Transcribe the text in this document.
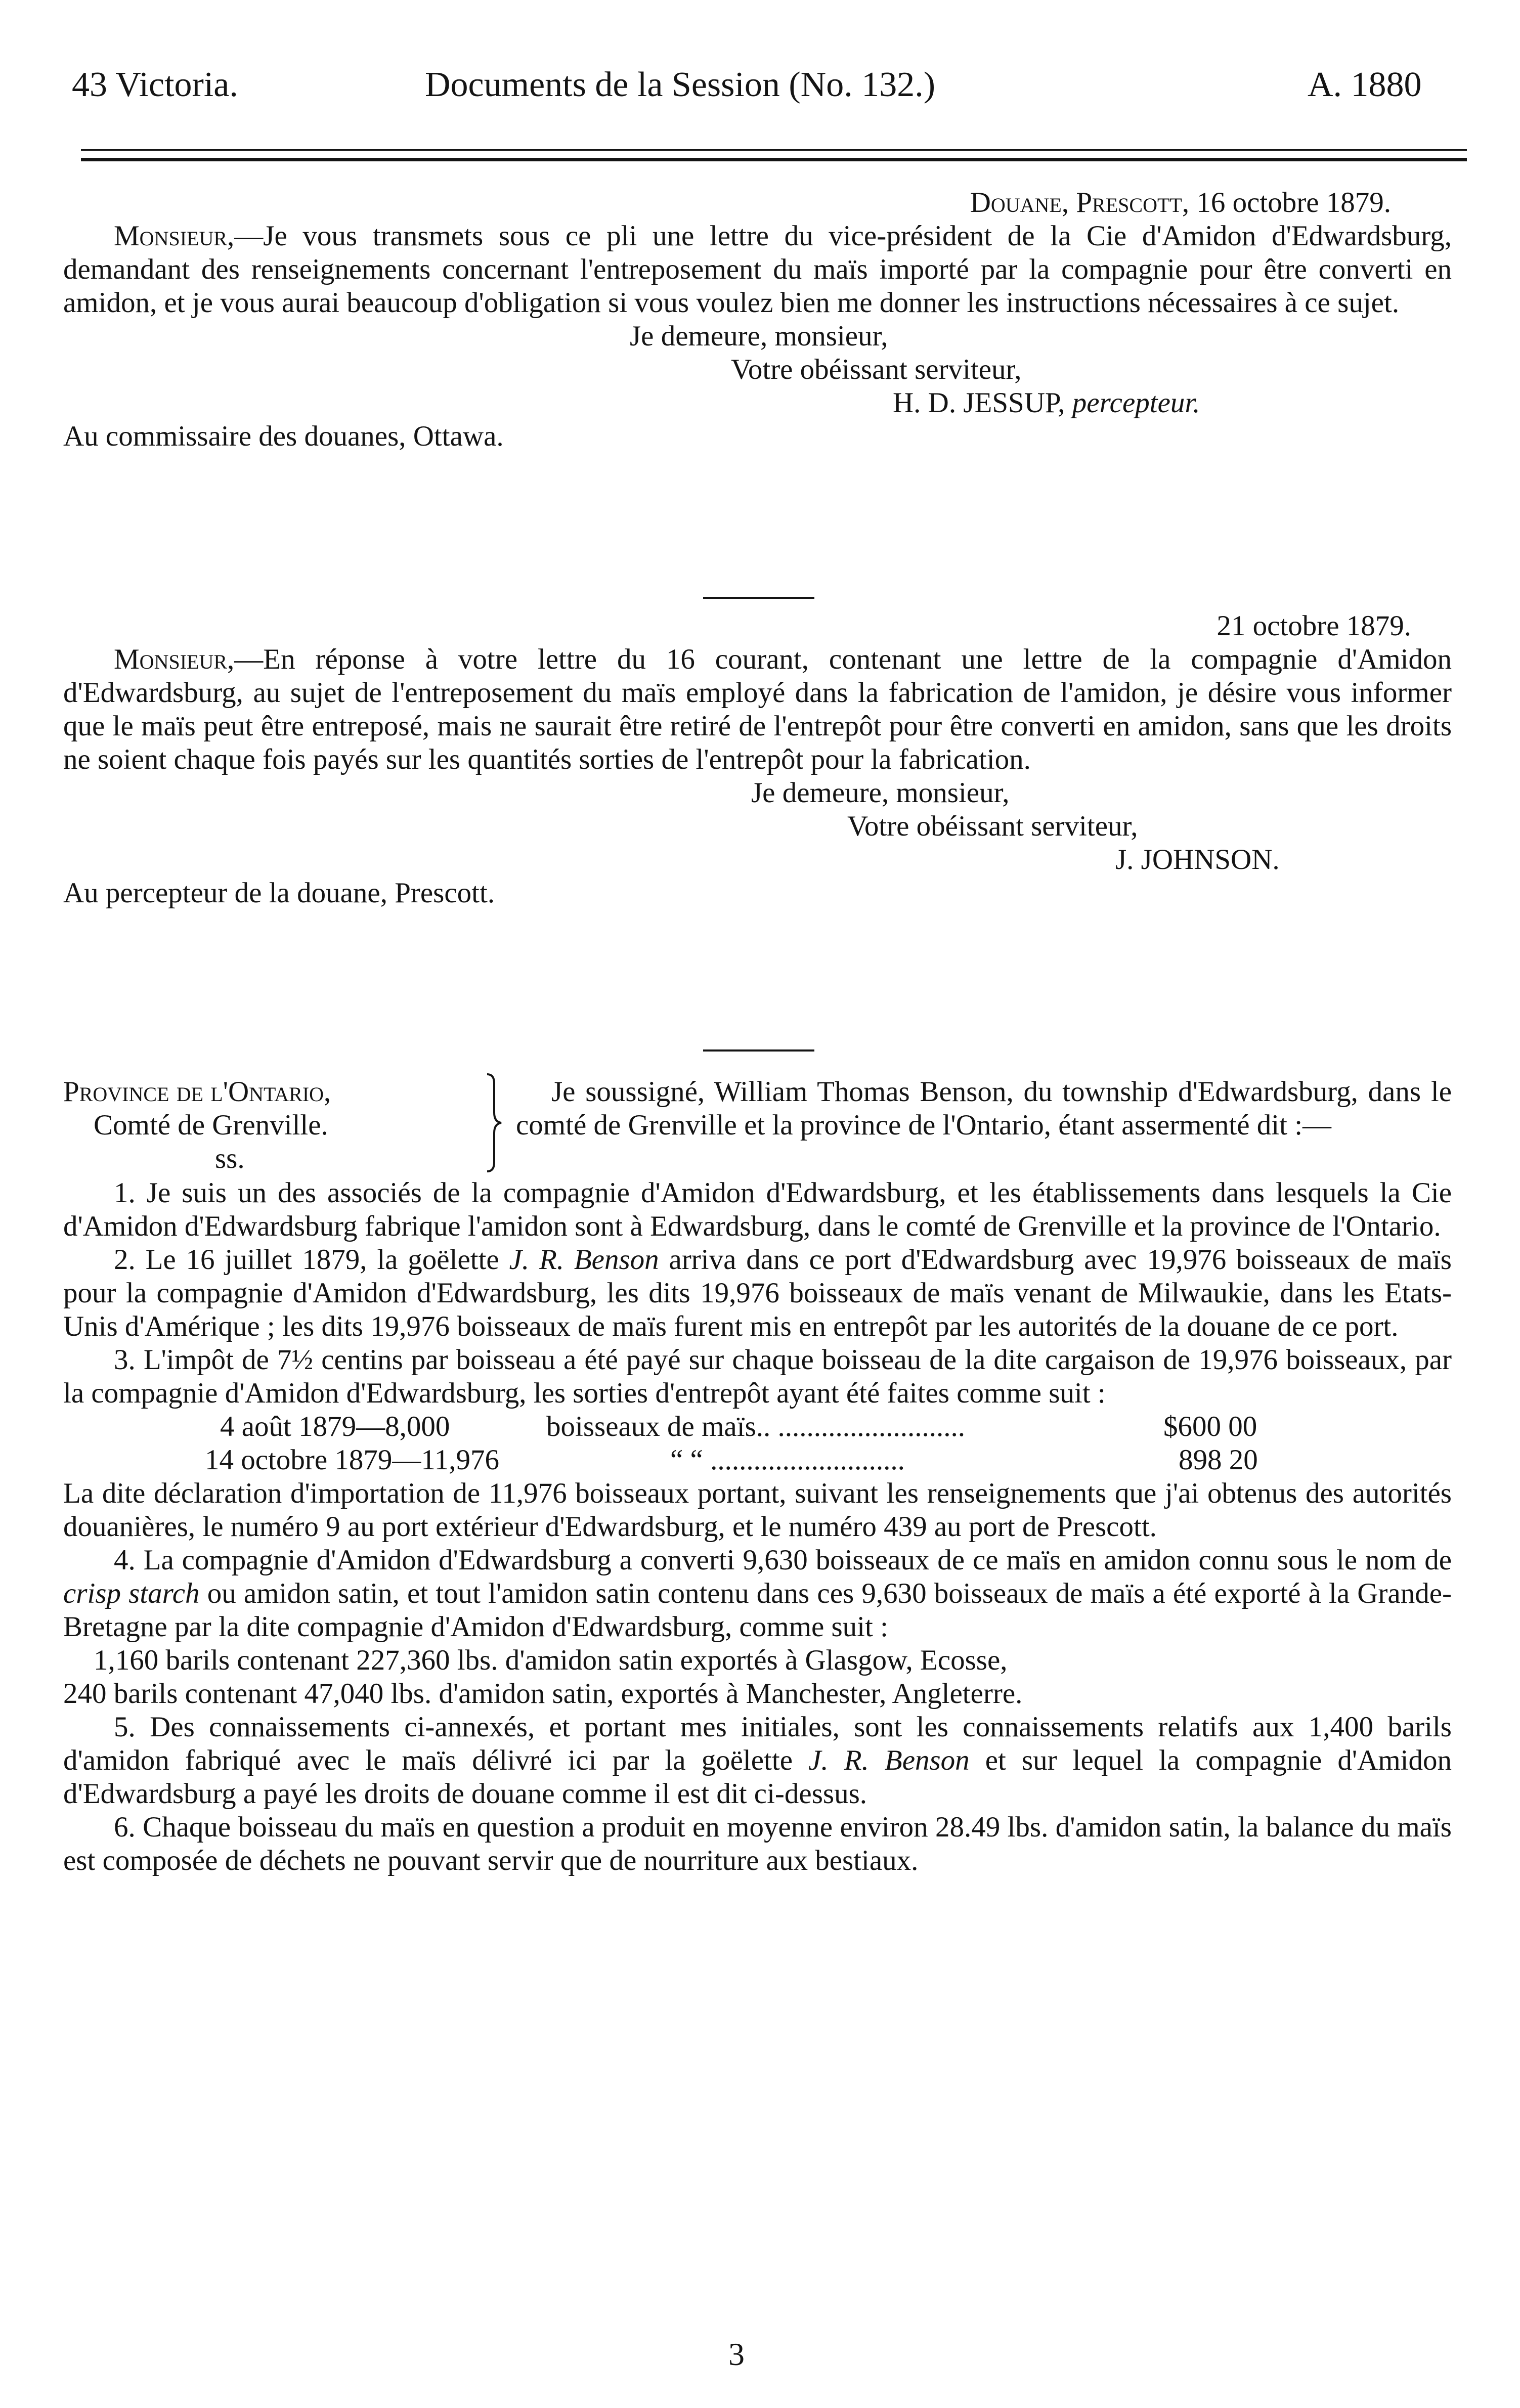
43 Victoria.	Documents de la Session (No. 132.)	A. 1880

Douane, Prescott, 16 octobre 1879.

Monsieur,—Je vous transmets sous ce pli une lettre du vice-président de la Cie d'Amidon d'Edwardsburg, demandant des renseignements concernant l'entreposement du maïs importé par la compagnie pour être converti en amidon, et je vous aurai beaucoup d'obligation si vous voulez bien me donner les instructions nécessaires à ce sujet.

Je demeure, monsieur,

Votre obéissant serviteur,

H. D. JESSUP, percepteur.

Au commissaire des douanes, Ottawa.

21 octobre 1879.

Monsieur,—En réponse à votre lettre du 16 courant, contenant une lettre de la compagnie d'Amidon d'Edwardsburg, au sujet de l'entreposement du maïs employé dans la fabrication de l'amidon, je désire vous informer que le maïs peut être entreposé, mais ne saurait être retiré de l'entrepôt pour être converti en amidon, sans que les droits ne soient chaque fois payés sur les quantités sorties de l'entrepôt pour la fabrication.

Je demeure, monsieur,

Votre obéissant serviteur,

J. JOHNSON.

Au percepteur de la douane, Prescott.

Province de l'Ontario,
Comté de Grenville.
ss.
Je soussigné, William Thomas Benson, du township d'Edwardsburg, dans le comté de Grenville et la province de l'Ontario, étant assermenté dit :—

1. Je suis un des associés de la compagnie d'Amidon d'Edwardsburg, et les établissements dans lesquels la Cie d'Amidon d'Edwardsburg fabrique l'amidon sont à Edwardsburg, dans le comté de Grenville et la province de l'Ontario.

2. Le 16 juillet 1879, la goëlette J. R. Benson arriva dans ce port d'Edwardsburg avec 19,976 boisseaux de maïs pour la compagnie d'Amidon d'Edwardsburg, les dits 19,976 boisseaux de maïs venant de Milwaukie, dans les Etats-Unis d'Amérique ; les dits 19,976 boisseaux de maïs furent mis en entrepôt par les autorités de la douane de ce port.

3. L'impôt de 7½ centins par boisseau a été payé sur chaque boisseau de la dite cargaison de 19,976 boisseaux, par la compagnie d'Amidon d'Edwardsburg, les sorties d'entrepôt ayant été faites comme suit :

4 août 1879—8,000	boisseaux de maïs.. ..........................	$600 00
14 octobre 1879—11,976	“ “ ...........................	898 20

La dite déclaration d'importation de 11,976 boisseaux portant, suivant les renseignements que j'ai obtenus des autorités douanières, le numéro 9 au port extérieur d'Edwardsburg, et le numéro 439 au port de Prescott.

4. La compagnie d'Amidon d'Edwardsburg a converti 9,630 boisseaux de ce maïs en amidon connu sous le nom de crisp starch ou amidon satin, et tout l'amidon satin contenu dans ces 9,630 boisseaux de maïs a été exporté à la Grande-Bretagne par la dite compagnie d'Amidon d'Edwardsburg, comme suit :

1,160 barils contenant 227,360 lbs. d'amidon satin exportés à Glasgow, Ecosse,

240 barils contenant 47,040 lbs. d'amidon satin, exportés à Manchester, Angleterre.

5. Des connaissements ci-annexés, et portant mes initiales, sont les connaissements relatifs aux 1,400 barils d'amidon fabriqué avec le maïs délivré ici par la goëlette J. R. Benson et sur lequel la compagnie d'Amidon d'Edwardsburg a payé les droits de douane comme il est dit ci-dessus.

6. Chaque boisseau du maïs en question a produit en moyenne environ 28.49 lbs. d'amidon satin, la balance du maïs est composée de déchets ne pouvant servir que de nourriture aux bestiaux.

3
